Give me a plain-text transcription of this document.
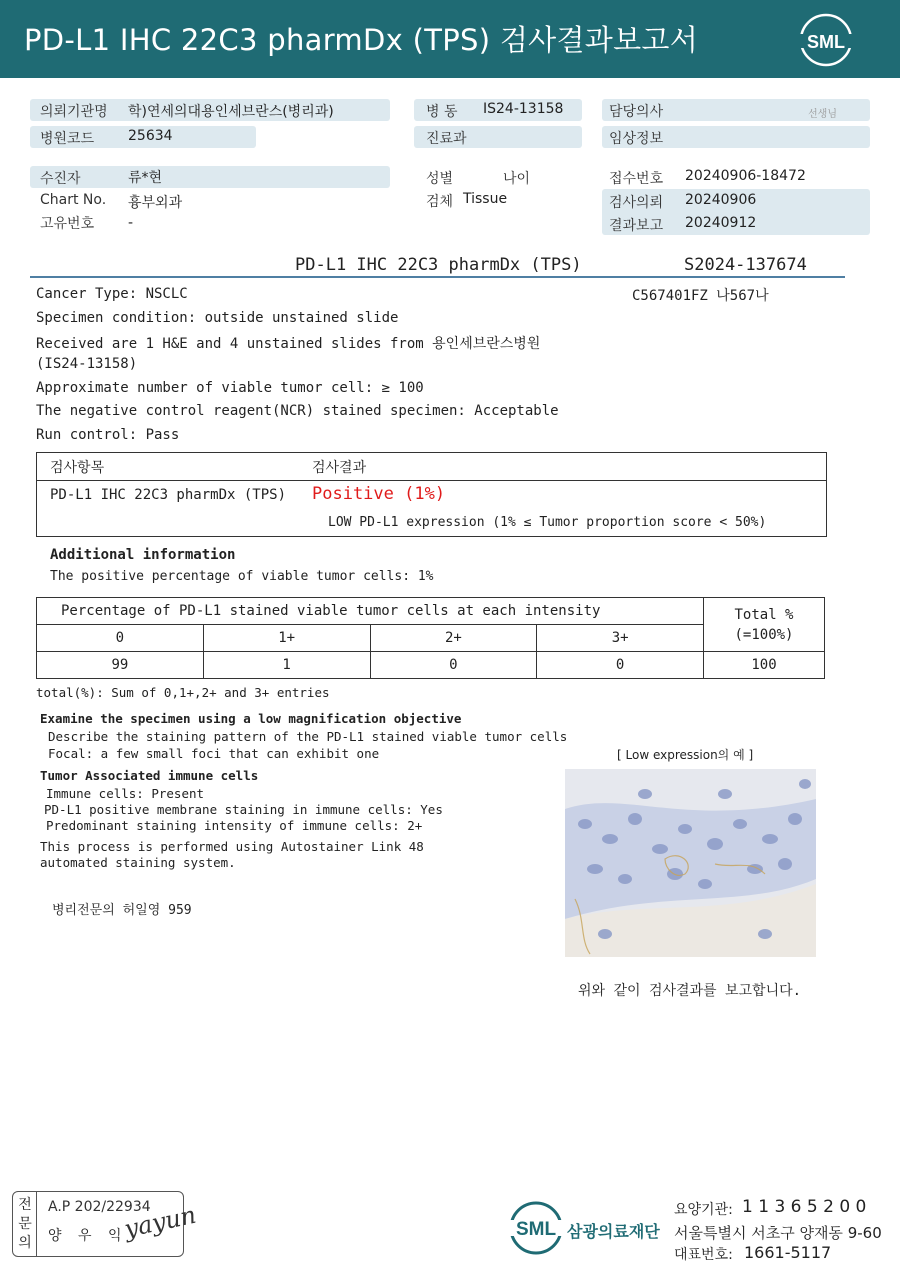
PD-L1 IHC 22C3 pharmDx (TPS) 검사결과보고서	SML
의뢰기관명 학)연세의대용인세브란스(병리과)
병원코드 25634
병 동 IS24-13158
진료과
담당의사	선생님
임상정보
수진자	류*현
Chart No. 흉부외과
고유번호 -
성별	나이
검체 Tissue
접수번호 20240906-18472
검사의뢰 20240906
결과보고 20240912
PD-L1 IHC 22C3 pharmDx (TPS)	S2024-137674
C567401FZ 나567나
Cancer Type: NSCLC
Specimen condition: outside unstained slide
Received are 1 H&E and 4 unstained slides from 용인세브란스병원
(IS24-13158)
Approximate number of viable tumor cell: ≥ 100
The negative control reagent(NCR) stained specimen: Acceptable
Run control: Pass
검사항목	검사결과
PD-L1 IHC 22C3 pharmDx (TPS) Positive (1%)
LOW PD-L1 expression (1% ≤ Tumor proportion score < 50%)
Additional information
The positive percentage of viable tumor cells: 1%
Percentage of PD-L1 stained viable tumor cells at each intensity				Total %
(=100%)
0	1+	2+	3+	
99	1	0	0	100
total(%): Sum of 0,1+,2+ and 3+ entries
Examine the specimen using a low magnification objective
Describe the staining pattern of the PD-L1 stained viable tumor cells
Focal: a few small foci that can exhibit one	[ Low expression의 예 ]
Tumor Associated immune cells
Immune cells: Present
PD-L1 positive membrane staining in immune cells: Yes
Predominant staining intensity of immune cells: 2+
This process is performed using Autostainer Link 48
automated staining system.
병리전문의 허일영 959
위와 같이 검사결과를 보고합니다.
전문의
A.P 202/22934
양 우 익
yayun	SML 삼광의료재단
요양기관: 1 1 3 6 5 2 0 0
서울특별시 서초구 양재동 9-60
대표번호: 1661-5117
